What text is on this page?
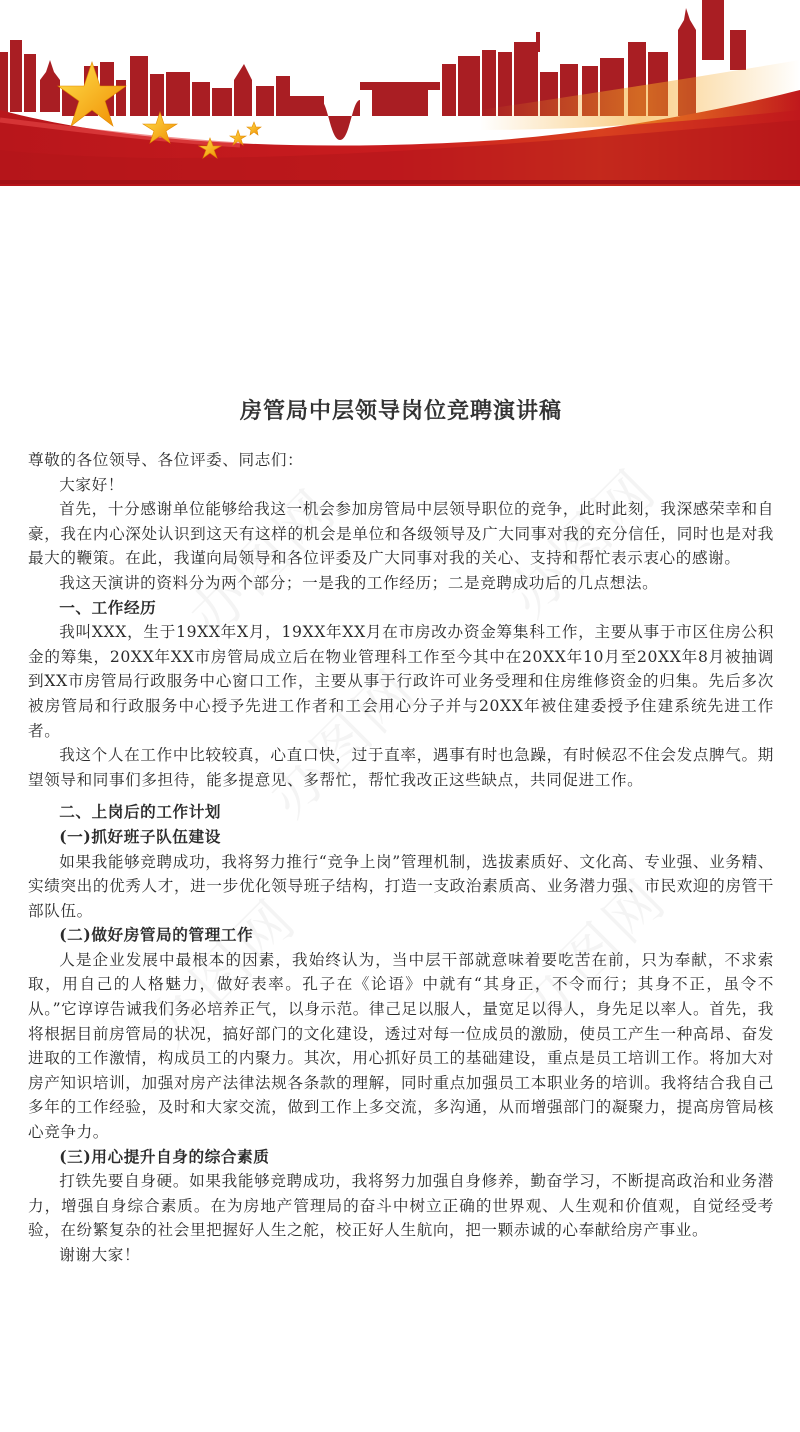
房管局中层领导岗位竞聘演讲稿

尊敬的各位领导、各位评委、同志们：

大家好！

首先，十分感谢单位能够给我这一机会参加房管局中层领导职位的竞争，此时此刻，我深感荣幸和自豪，我在内心深处认识到这天有这样的机会是单位和各级领导及广大同事对我的充分信任，同时也是对我最大的鞭策。在此，我谨向局领导和各位评委及广大同事对我的关心、支持和帮忙表示衷心的感谢。

我这天演讲的资料分为两个部分；一是我的工作经历；二是竞聘成功后的几点想法。

一、工作经历

我叫XXX，生于19XX年X月，19XX年XX月在市房改办资金筹集科工作，主要从事于市区住房公积金的筹集，20XX年XX市房管局成立后在物业管理科工作至今其中在20XX年10月至20XX年8月被抽调到XX市房管局行政服务中心窗口工作，主要从事于行政许可业务受理和住房维修资金的归集。先后多次被房管局和行政服务中心授予先进工作者和工会用心分子并与20XX年被住建委授予住建系统先进工作者。

我这个人在工作中比较较真，心直口快，过于直率，遇事有时也急躁，有时候忍不住会发点脾气。期望领导和同事们多担待，能多提意见、多帮忙，帮忙我改正这些缺点，共同促进工作。

二、上岗后的工作计划

(一)抓好班子队伍建设

如果我能够竞聘成功，我将努力推行“竞争上岗”管理机制，选拔素质好、文化高、专业强、业务精、实绩突出的优秀人才，进一步优化领导班子结构，打造一支政治素质高、业务潜力强、市民欢迎的房管干部队伍。

(二)做好房管局的管理工作

人是企业发展中最根本的因素，我始终认为，当中层干部就意味着要吃苦在前，只为奉献，不求索取，用自己的人格魅力，做好表率。孔子在《论语》中就有“其身正，不令而行；其身不正，虽令不从。”它谆谆告诫我们务必培养正气，以身示范。律己足以服人，量宽足以得人，身先足以率人。首先，我将根据目前房管局的状况，搞好部门的文化建设，透过对每一位成员的激励，使员工产生一种高昂、奋发进取的工作激情，构成员工的内聚力。其次，用心抓好员工的基础建设，重点是员工培训工作。将加大对房产知识培训，加强对房产法律法规各条款的理解，同时重点加强员工本职业务的培训。我将结合我自己多年的工作经验，及时和大家交流，做到工作上多交流，多沟通，从而增强部门的凝聚力，提高房管局核心竞争力。

(三)用心提升自身的综合素质

打铁先要自身硬。如果我能够竞聘成功，我将努力加强自身修养，勤奋学习，不断提高政治和业务潜力，增强自身综合素质。在为房地产管理局的奋斗中树立正确的世界观、人生观和价值观，自觉经受考验，在纷繁复杂的社会里把握好人生之舵，校正好人生航向，把一颗赤诚的心奉献给房产事业。

谢谢大家！
